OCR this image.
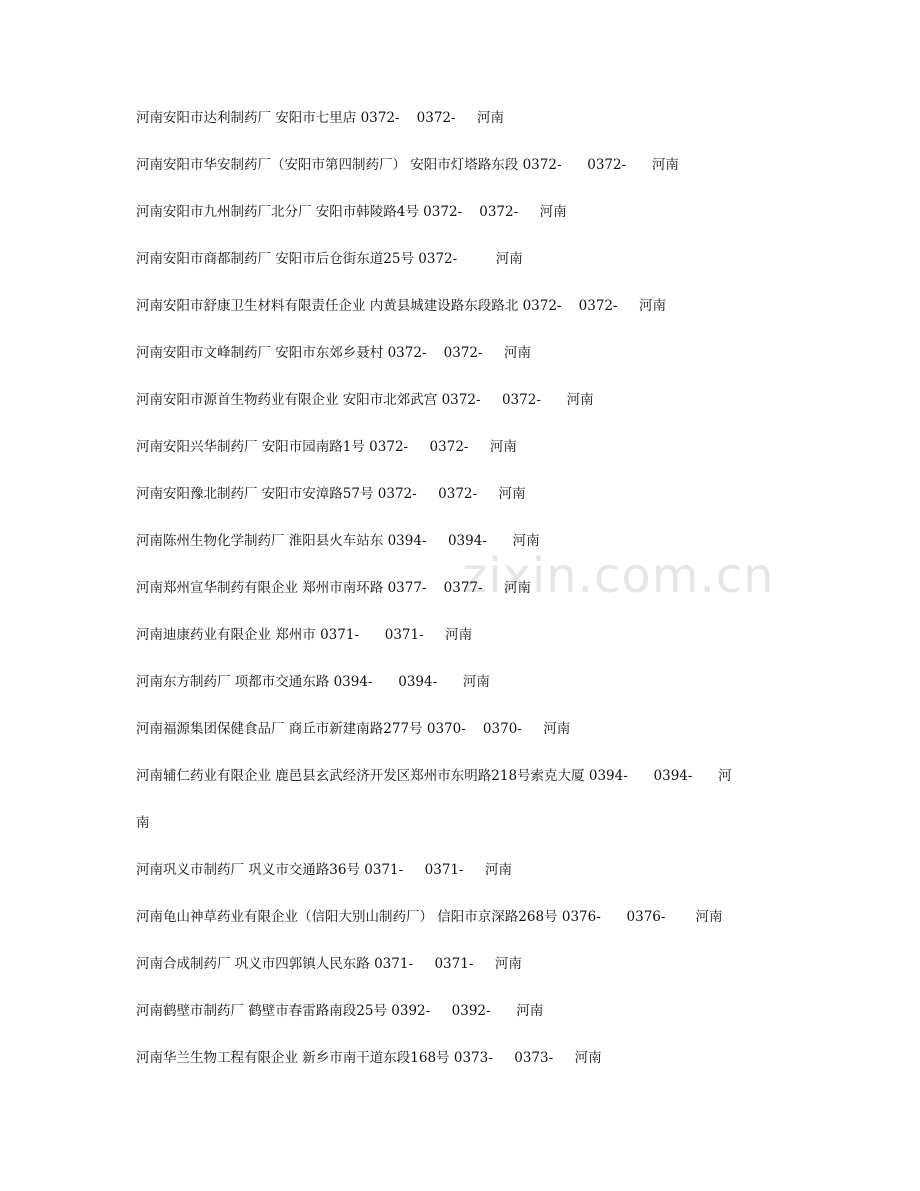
zixin.com.cn
河南安阳市达利制药厂 安阳市七里店 0372-    0372-     河南
河南安阳市华安制药厂（安阳市第四制药厂） 安阳市灯塔路东段 0372-      0372-      河南
河南安阳市九州制药厂北分厂 安阳市韩陵路4号 0372-    0372-     河南
河南安阳市商都制药厂 安阳市后仓街东道25号 0372-         河南
河南安阳市舒康卫生材料有限责任企业 内黄县城建设路东段路北 0372-    0372-     河南
河南安阳市文峰制药厂 安阳市东郊乡聂村 0372-    0372-     河南
河南安阳市源首生物药业有限企业 安阳市北郊武宫 0372-     0372-      河南
河南安阳兴华制药厂 安阳市园南路1号 0372-     0372-     河南
河南安阳豫北制药厂 安阳市安漳路57号 0372-     0372-     河南
河南陈州生物化学制药厂 淮阳县火车站东 0394-     0394-      河南
河南郑州宣华制药有限企业 郑州市南环路 0377-    0377-     河南
河南迪康药业有限企业 郑州市 0371-      0371-     河南
河南东方制药厂 项都市交通东路 0394-      0394-      河南
河南福源集团保健食品厂 商丘市新建南路277号 0370-    0370-     河南
河南辅仁药业有限企业 鹿邑县玄武经济开发区郑州市东明路218号索克大厦 0394-      0394-      河
南
河南巩义市制药厂 巩义市交通路36号 0371-     0371-     河南
河南龟山神草药业有限企业（信阳大别山制药厂） 信阳市京深路268号 0376-      0376-       河南
河南合成制药厂 巩义市四郭镇人民东路 0371-     0371-     河南
河南鹤壁市制药厂 鹤壁市春雷路南段25号 0392-     0392-      河南
河南华兰生物工程有限企业 新乡市南干道东段168号 0373-     0373-     河南
